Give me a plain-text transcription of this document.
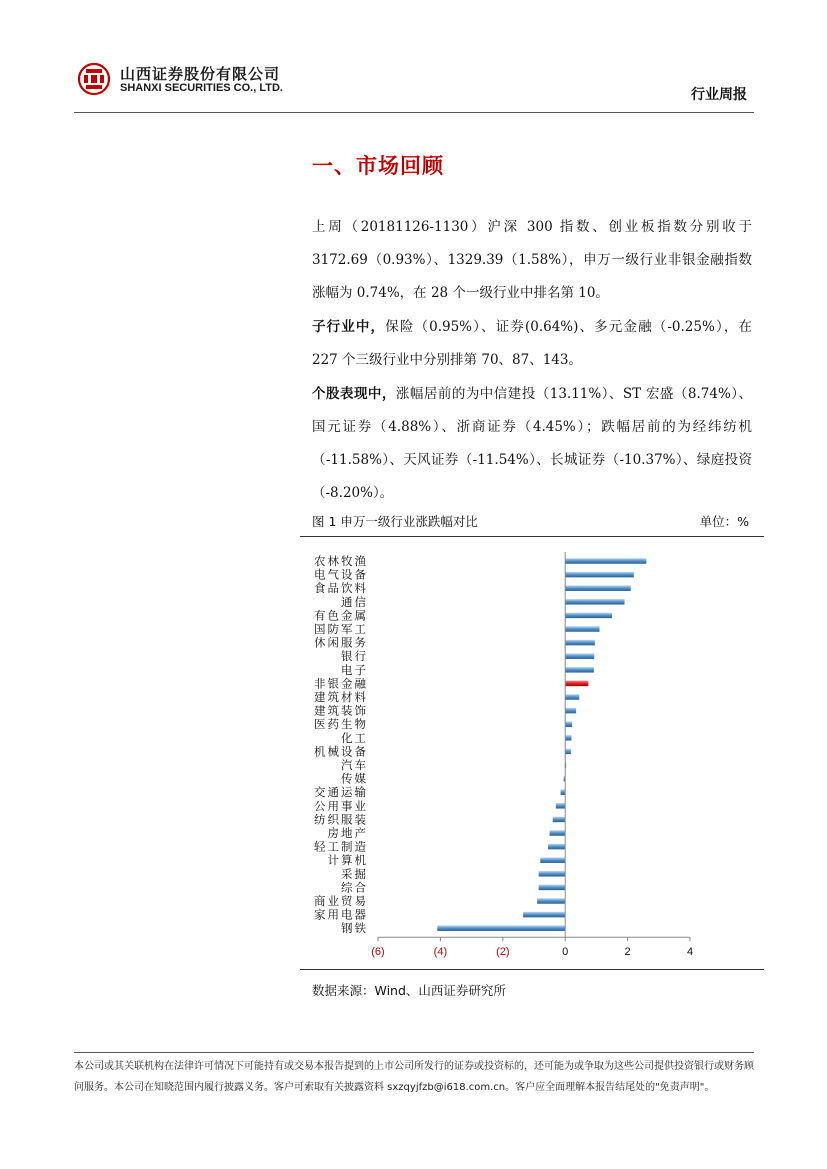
山西证券股份有限公司
SHANXI SECURITIES CO., LTD.	行业周报
一、市场回顾
上周（20181126-1130）沪深 300 指数、创业板指数分别收于 3172.69（0.93%）、1329.39（1.58%），申万一级行业非银金融指数涨幅为 0.74%，在 28 个一级行业中排名第 10。
子行业中，保险（0.95%）、证券(0.64%)、多元金融（-0.25%），在 227 个三级行业中分别排第 70、87、143。
个股表现中，涨幅居前的为中信建投（13.11%）、ST 宏盛（8.74%）、国元证券（4.88%）、浙商证券（4.45%）；跌幅居前的为经纬纺机（-11.58%）、天风证券（-11.54%）、长城证券（-10.37%）、绿庭投资（-8.20%）。
图 1 申万一级行业涨跌幅对比	单位：%
农林牧渔
电气设备
食品饮料
通信
有色金属
国防军工
休闲服务
银行
电子
非银金融
建筑材料
建筑装饰
医药生物
化工
机械设备
汽车
传媒
交通运输
公用事业
纺织服装
房地产
轻工制造
计算机
采掘
综合
商业贸易
家用电器
钢铁
(6)	(4)	(2)	0	2	4
数据来源：Wind、山西证券研究所
本公司或其关联机构在法律许可情况下可能持有或交易本报告提到的上市公司所发行的证券或投资标的，还可能为或争取为这些公司提供投资银行或财务顾问服务。本公司在知晓范围内履行披露义务。客户可索取有关披露资料 sxzqyjfzb@i618.com.cn。客户应全面理解本报告结尾处的"免责声明"。
